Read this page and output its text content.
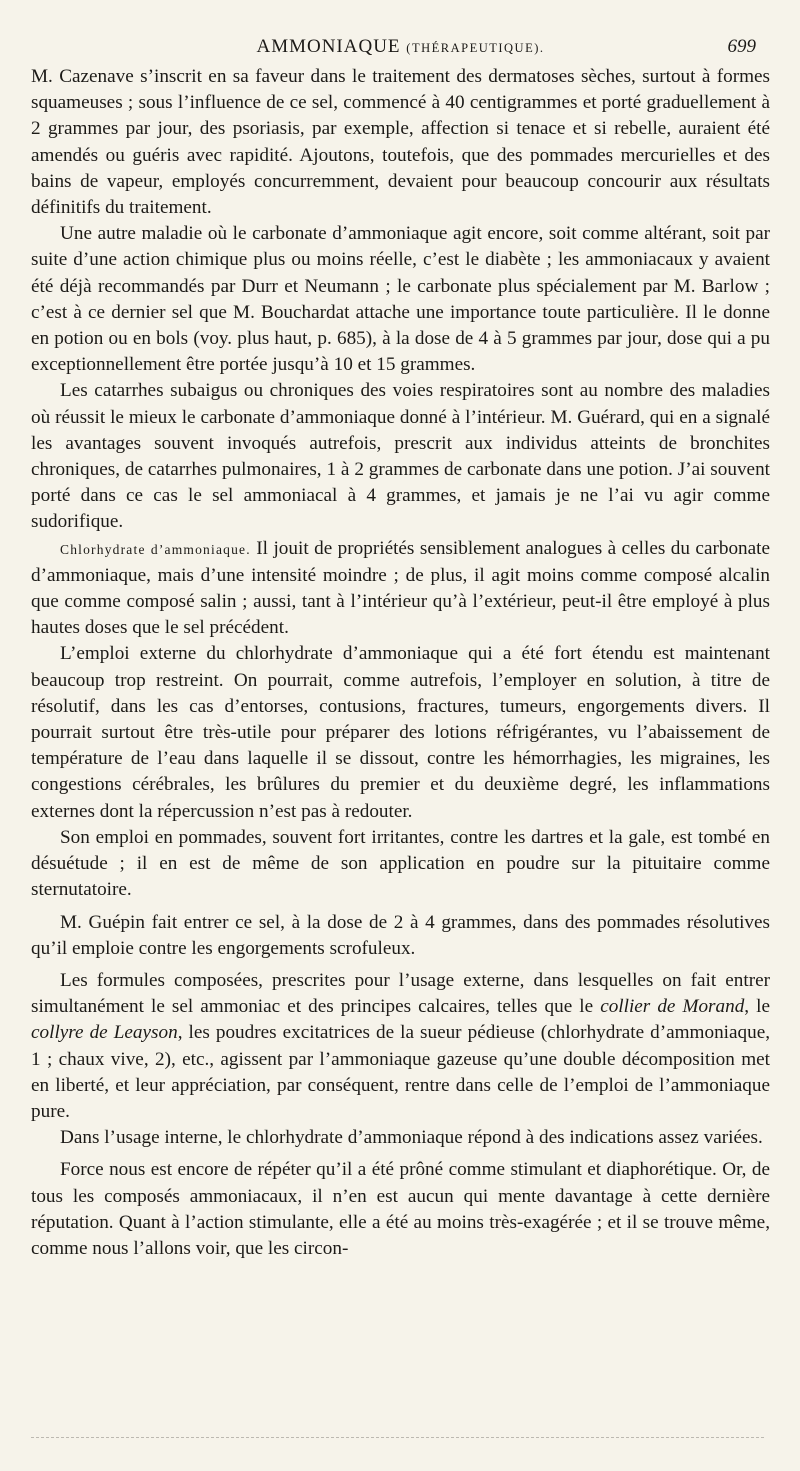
AMMONIAQUE (THÉRAPEUTIQUE).	699

M. Cazenave s’inscrit en sa faveur dans le traitement des dermatoses sèches, surtout à formes squameuses ; sous l’influence de ce sel, commencé à 40 centigrammes et porté graduellement à 2 grammes par jour, des psoriasis, par exemple, affection si tenace et si rebelle, auraient été amendés ou guéris avec rapidité. Ajoutons, toutefois, que des pommades mercurielles et des bains de vapeur, employés concurremment, devaient pour beaucoup concourir aux résultats définitifs du traitement.

Une autre maladie où le carbonate d’ammoniaque agit encore, soit comme altérant, soit par suite d’une action chimique plus ou moins réelle, c’est le diabète ; les ammoniacaux y avaient été déjà recommandés par Durr et Neumann ; le carbonate plus spécialement par M. Barlow ; c’est à ce dernier sel que M. Bouchardat attache une importance toute particulière. Il le donne en potion ou en bols (voy. plus haut, p. 685), à la dose de 4 à 5 grammes par jour, dose qui a pu exceptionnellement être portée jusqu’à 10 et 15 grammes.

Les catarrhes subaigus ou chroniques des voies respiratoires sont au nombre des maladies où réussit le mieux le carbonate d’ammoniaque donné à l’intérieur. M. Guérard, qui en a signalé les avantages souvent invoqués autrefois, prescrit aux individus atteints de bronchites chroniques, de catarrhes pulmonaires, 1 à 2 grammes de carbonate dans une potion. J’ai souvent porté dans ce cas le sel ammoniacal à 4 grammes, et jamais je ne l’ai vu agir comme sudorifique.

Chlorhydrate d’ammoniaque. Il jouit de propriétés sensiblement analogues à celles du carbonate d’ammoniaque, mais d’une intensité moindre ; de plus, il agit moins comme composé alcalin que comme composé salin ; aussi, tant à l’intérieur qu’à l’extérieur, peut-il être employé à plus hautes doses que le sel précédent.

L’emploi externe du chlorhydrate d’ammoniaque qui a été fort étendu est maintenant beaucoup trop restreint. On pourrait, comme autrefois, l’employer en solution, à titre de résolutif, dans les cas d’entorses, contusions, fractures, tumeurs, engorgements divers. Il pourrait surtout être très-utile pour préparer des lotions réfrigérantes, vu l’abaissement de température de l’eau dans laquelle il se dissout, contre les hémorrhagies, les migraines, les congestions cérébrales, les brûlures du premier et du deuxième degré, les inflammations externes dont la répercussion n’est pas à redouter.

Son emploi en pommades, souvent fort irritantes, contre les dartres et la gale, est tombé en désuétude ; il en est de même de son application en poudre sur la pituitaire comme sternutatoire.

M. Guépin fait entrer ce sel, à la dose de 2 à 4 grammes, dans des pommades résolutives qu’il emploie contre les engorgements scrofuleux.

Les formules composées, prescrites pour l’usage externe, dans lesquelles on fait entrer simultanément le sel ammoniac et des principes calcaires, telles que le collier de Morand, le collyre de Leayson, les poudres excitatrices de la sueur pédieuse (chlorhydrate d’ammoniaque, 1 ; chaux vive, 2), etc., agissent par l’ammoniaque gazeuse qu’une double décomposition met en liberté, et leur appréciation, par conséquent, rentre dans celle de l’emploi de l’ammoniaque pure.

Dans l’usage interne, le chlorhydrate d’ammoniaque répond à des indications assez variées.

Force nous est encore de répéter qu’il a été prôné comme stimulant et diaphorétique. Or, de tous les composés ammoniacaux, il n’en est aucun qui mente davantage à cette dernière réputation. Quant à l’action stimulante, elle a été au moins très-exagérée ; et il se trouve même, comme nous l’allons voir, que les circon-
